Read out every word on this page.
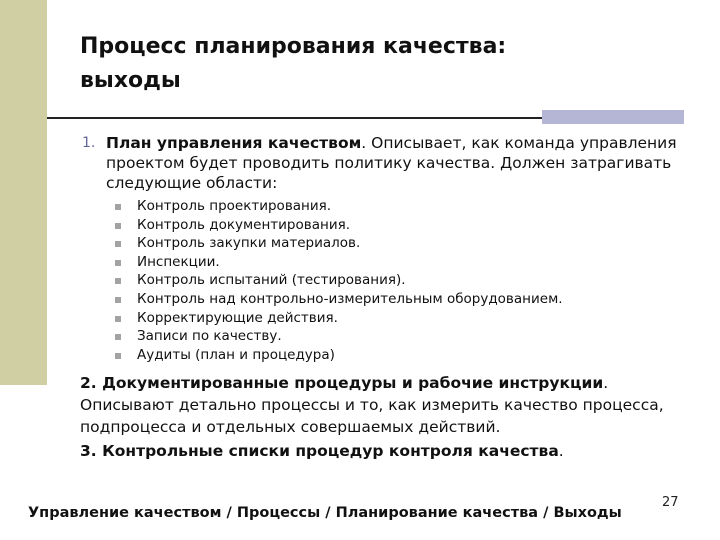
Процесс планирования качества:
выходы
1. План управления качеством. Описывает, как команда управления проектом будет проводить политику качества. Должен затрагивать следующие области:
Контроль проектирования.
Контроль документирования.
Контроль закупки материалов.
Инспекции.
Контроль испытаний (тестирования).
Контроль над контрольно-измерительным оборудованием.
Корректирующие действия.
Записи по качеству.
Аудиты (план и процедура)
2. Документированные процедуры и рабочие инструкции. Описывают детально процессы и то, как измерить качество процесса, подпроцесса и отдельных совершаемых действий.
3. Контрольные списки процедур контроля качества.
Управление качеством / Процессы / Планирование качества / Выходы
27
